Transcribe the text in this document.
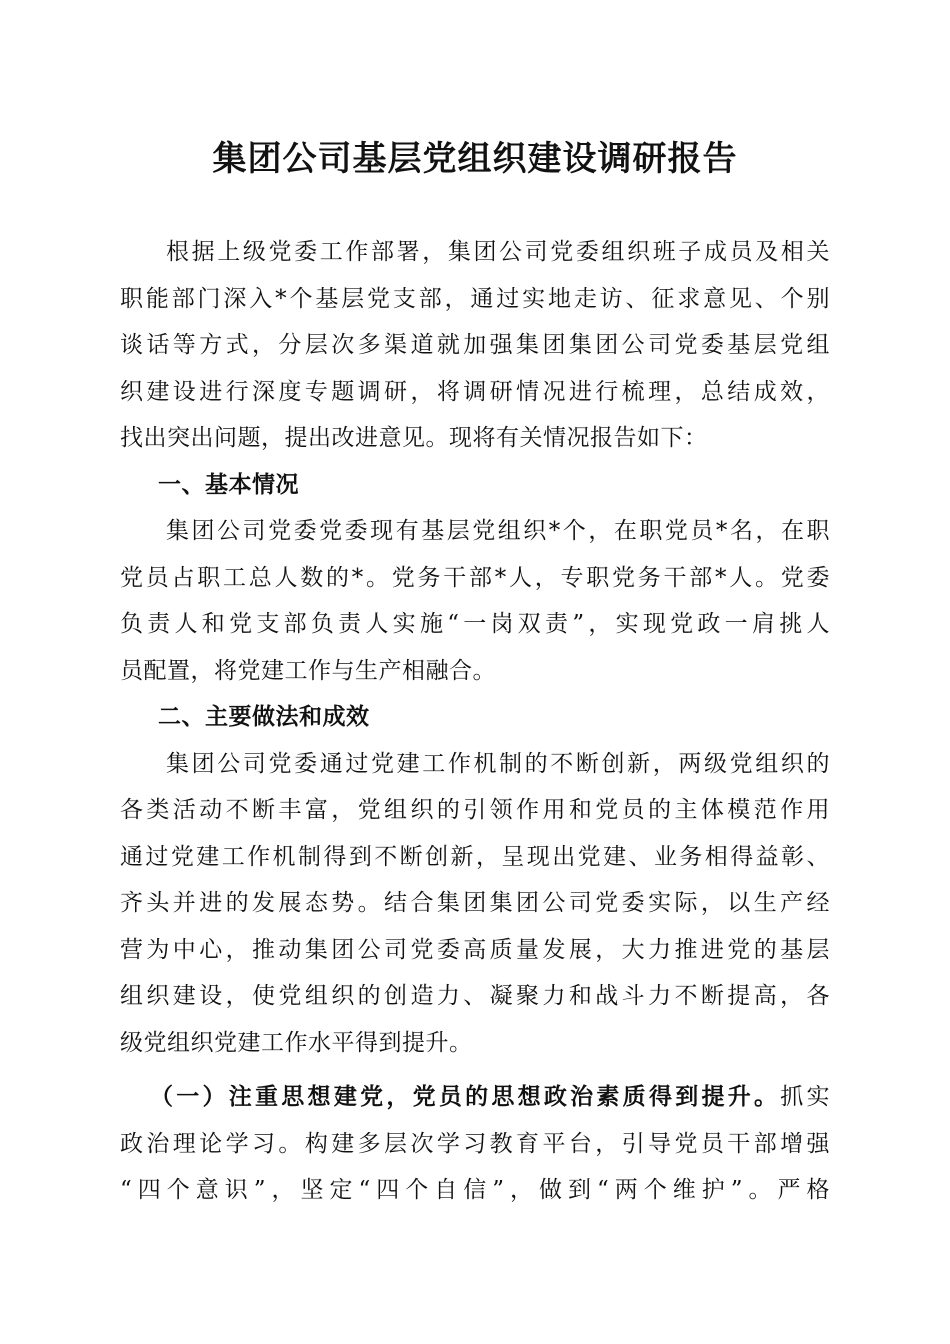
集团公司基层党组织建设调研报告
根据上级党委工作部署，集团公司党委组织班子成员及相关
职能部门深入*个基层党支部，通过实地走访、征求意见、个别
谈话等方式，分层次多渠道就加强集团集团公司党委基层党组
织建设进行深度专题调研，将调研情况进行梳理，总结成效，
找出突出问题，提出改进意见。现将有关情况报告如下：
一、基本情况
集团公司党委党委现有基层党组织*个，在职党员*名，在职
党员占职工总人数的*。党务干部*人，专职党务干部*人。党委
负责人和党支部负责人实施“一岗双责”，实现党政一肩挑人
员配置，将党建工作与生产相融合。
二、主要做法和成效
集团公司党委通过党建工作机制的不断创新，两级党组织的
各类活动不断丰富，党组织的引领作用和党员的主体模范作用
通过党建工作机制得到不断创新，呈现出党建、业务相得益彰、
齐头并进的发展态势。结合集团集团公司党委实际，以生产经
营为中心，推动集团公司党委高质量发展，大力推进党的基层
组织建设，使党组织的创造力、凝聚力和战斗力不断提高，各
级党组织党建工作水平得到提升。
（一）注重思想建党，党员的思想政治素质得到提升。抓实
政治理论学习。构建多层次学习教育平台，引导党员干部增强
“四个意识”，坚定“四个自信”，做到“两个维护”。严格
